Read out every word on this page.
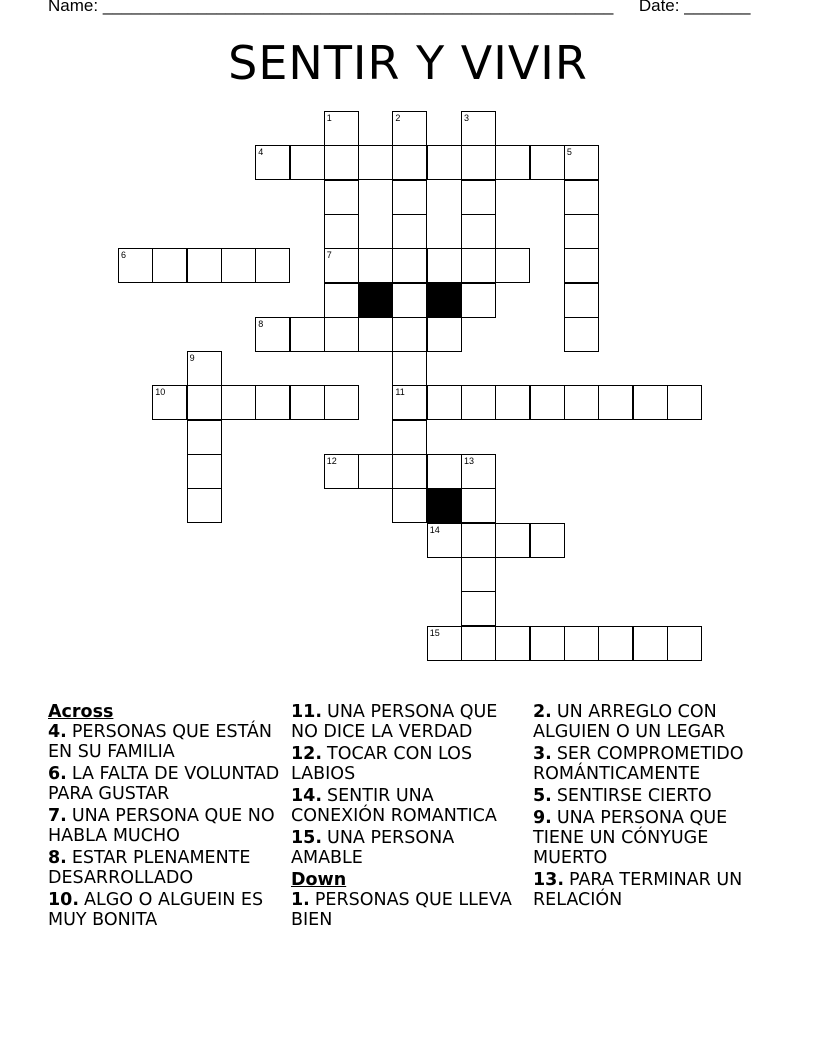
Name: ______________________________________________________ Date: _______
SENTIR Y VIVIR
1	2	3
4	5
6	7
8
9
10	11
12	13
14
15
Across
4. PERSONAS QUE ESTÁN EN SU FAMILIA
6. LA FALTA DE VOLUNTAD PARA GUSTAR
7. UNA PERSONA QUE NO HABLA MUCHO
8. ESTAR PLENAMENTE DESARROLLADO
10. ALGO O ALGUEIN ES MUY BONITA
11. UNA PERSONA QUE NO DICE LA VERDAD
12. TOCAR CON LOS LABIOS
14. SENTIR UNA CONEXIÓN ROMANTICA
15. UNA PERSONA AMABLE
Down
1. PERSONAS QUE LLEVA BIEN
2. UN ARREGLO CON ALGUIEN O UN LEGAR
3. SER COMPROMETIDO ROMÁNTICAMENTE
5. SENTIRSE CIERTO
9. UNA PERSONA QUE TIENE UN CÓNYUGE MUERTO
13. PARA TERMINAR UN RELACIÓN
